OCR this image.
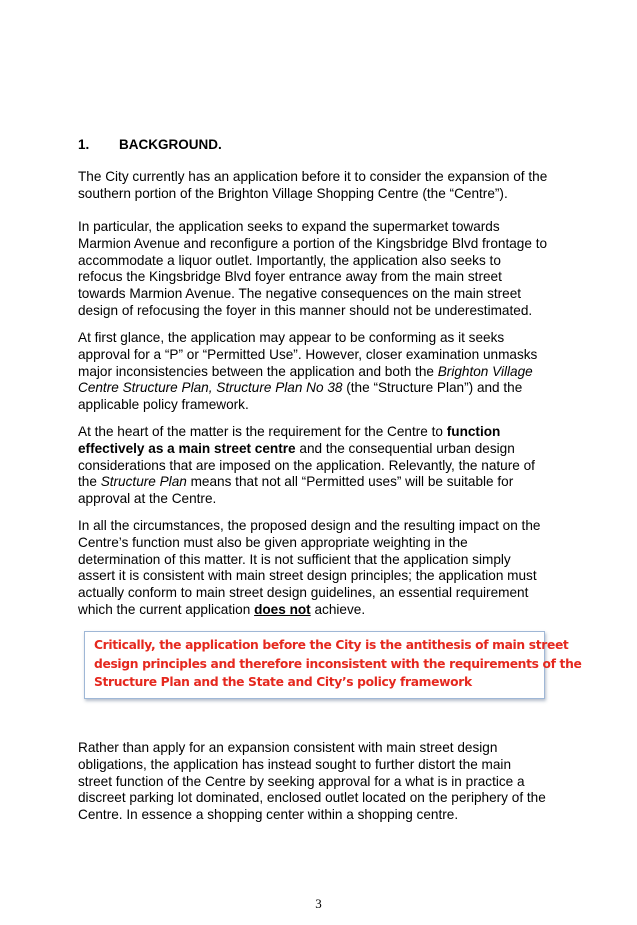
1. BACKGROUND.

The City currently has an application before it to consider the expansion of the
southern portion of the Brighton Village Shopping Centre (the “Centre”).

In particular, the application seeks to expand the supermarket towards
Marmion Avenue and reconfigure a portion of the Kingsbridge Blvd frontage to
accommodate a liquor outlet. Importantly, the application also seeks to
refocus the Kingsbridge Blvd foyer entrance away from the main street
towards Marmion Avenue. The negative consequences on the main street
design of refocusing the foyer in this manner should not be underestimated.

At first glance, the application may appear to be conforming as it seeks
approval for a “P” or “Permitted Use”. However, closer examination unmasks
major inconsistencies between the application and both the Brighton Village
Centre Structure Plan, Structure Plan No 38 (the “Structure Plan”) and the
applicable policy framework.

At the heart of the matter is the requirement for the Centre to function
effectively as a main street centre and the consequential urban design
considerations that are imposed on the application. Relevantly, the nature of
the Structure Plan means that not all “Permitted uses” will be suitable for
approval at the Centre.

In all the circumstances, the proposed design and the resulting impact on the
Centre’s function must also be given appropriate weighting in the
determination of this matter. It is not sufficient that the application simply
assert it is consistent with main street design principles; the application must
actually conform to main street design guidelines, an essential requirement
which the current application does not achieve.

Critically, the application before the City is the antithesis of main street
design principles and therefore inconsistent with the requirements of the
Structure Plan and the State and City’s policy framework

Rather than apply for an expansion consistent with main street design
obligations, the application has instead sought to further distort the main
street function of the Centre by seeking approval for a what is in practice a
discreet parking lot dominated, enclosed outlet located on the periphery of the
Centre. In essence a shopping center within a shopping centre.

3
